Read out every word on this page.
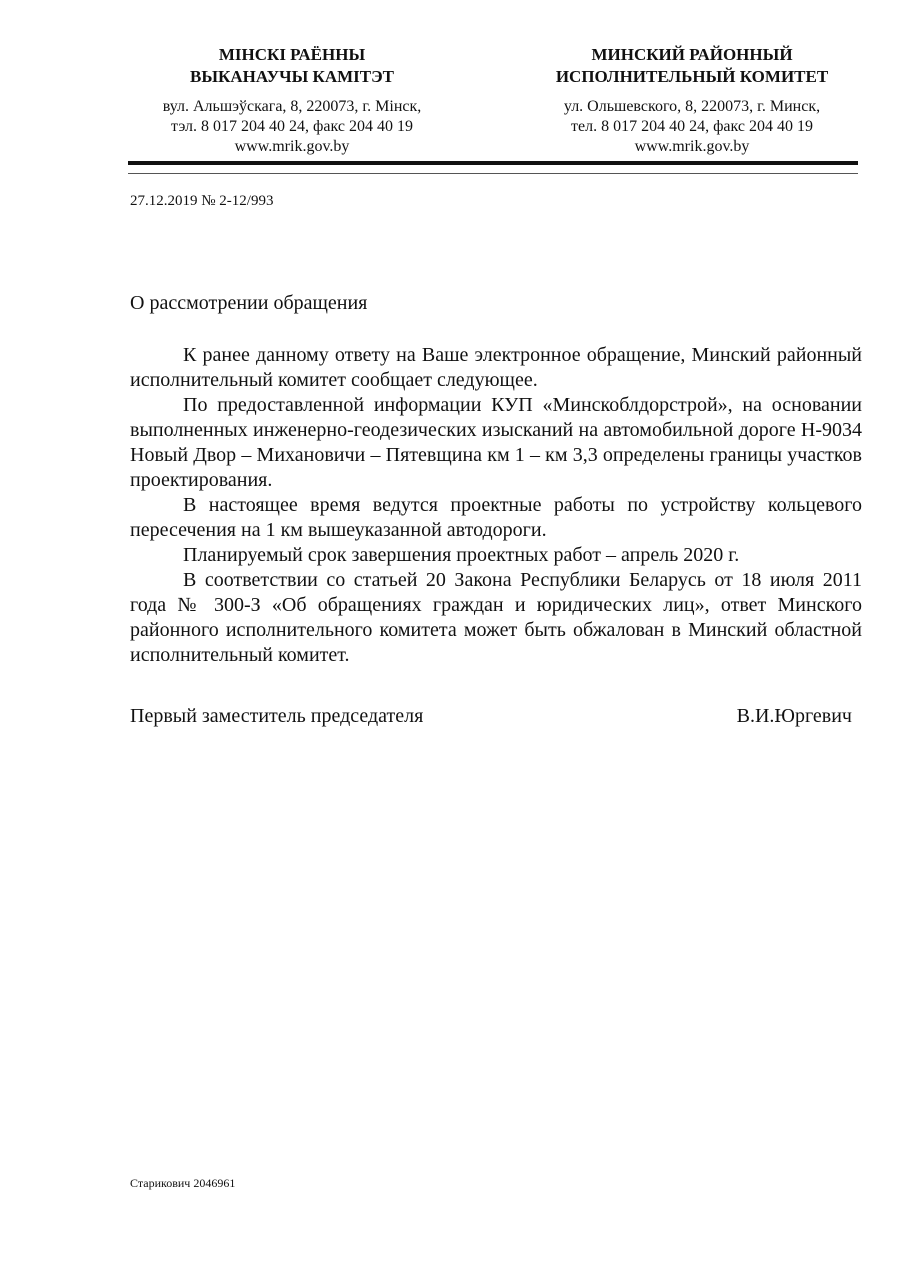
МІНСКІ РАЁННЫ
ВЫКАНАУЧЫ КАМІТЭТ
вул. Альшэўскага, 8, 220073, г. Мінск,
тэл. 8 017 204 40 24, факс 204 40 19
www.mrik.gov.by
МИНСКИЙ РАЙОННЫЙ
ИСПОЛНИТЕЛЬНЫЙ КОМИТЕТ
ул. Ольшевского, 8, 220073, г. Минск,
тел. 8 017 204 40 24, факс 204 40 19
www.mrik.gov.by
27.12.2019 № 2-12/993
О рассмотрении обращения

К ранее данному ответу на Ваше электронное обращение, Минский районный исполнительный комитет сообщает следующее.

По предоставленной информации КУП «Минскоблдорстрой», на основании выполненных инженерно-геодезических изысканий на автомобильной дороге Н-9034 Новый Двор – Михановичи – Пятевщина км 1 – км 3,3 определены границы участков проектирования.

В настоящее время ведутся проектные работы по устройству кольцевого пересечения на 1 км вышеуказанной автодороги.

Планируемый срок завершения проектных работ – апрель 2020 г.

В соответствии со статьей 20 Закона Республики Беларусь от 18 июля 2011 года № 300-З «Об обращениях граждан и юридических лиц», ответ Минского районного исполнительного комитета может быть обжалован в Минский областной исполнительный комитет.

Первый заместитель председателя	В.И.Юргевич
Старикович 2046961
